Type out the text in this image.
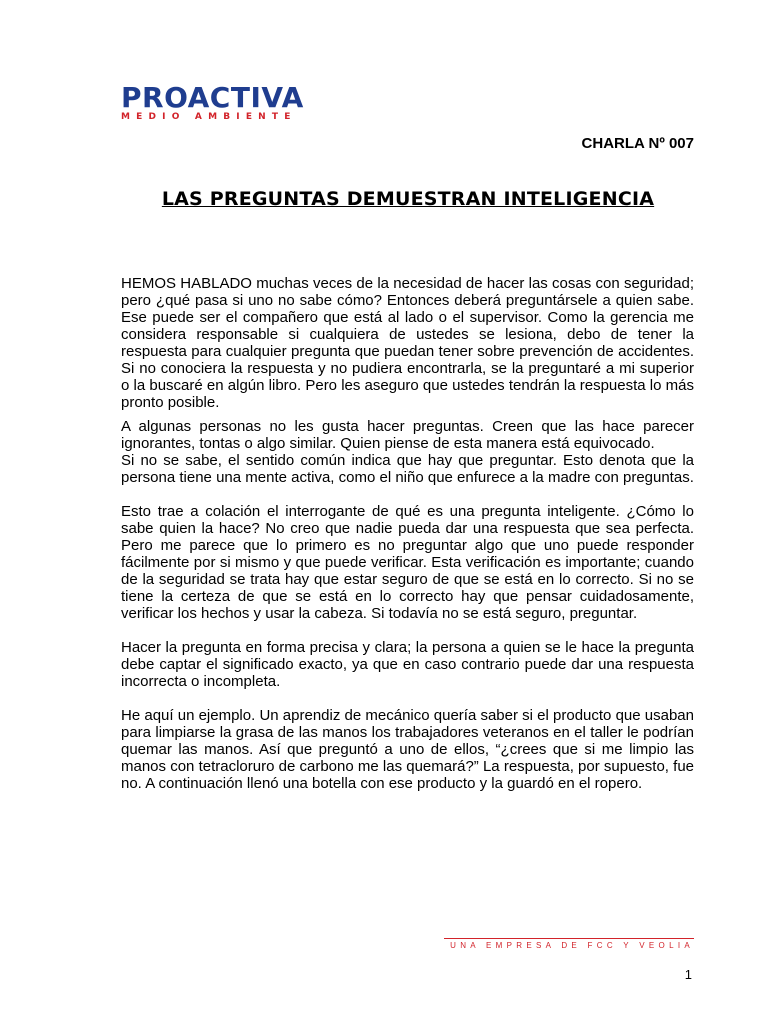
PROACTIVA
MEDIO AMBIENTE
CHARLA Nº 007
LAS PREGUNTAS DEMUESTRAN INTELIGENCIA

HEMOS HABLADO muchas veces de la necesidad de hacer las cosas con seguridad; pero ¿qué pasa si uno no sabe cómo? Entonces deberá preguntársele a quien sabe. Ese puede ser el compañero que está al lado o el supervisor. Como la gerencia me considera responsable si cualquiera de ustedes se lesiona, debo de tener la respuesta para cualquier pregunta que puedan tener sobre prevención de accidentes. Si no conociera la respuesta y no pudiera encontrarla, se la preguntaré a mi superior o la buscaré en algún libro. Pero les aseguro que ustedes tendrán la respuesta lo más pronto posible.

A algunas personas no les gusta hacer preguntas. Creen que las hace parecer ignorantes, tontas o algo similar. Quien piense de esta manera está equivocado.

Si no se sabe, el sentido común indica que hay que preguntar. Esto denota que la persona tiene una mente activa, como el niño que enfurece a la madre con preguntas.

Esto trae a colación el interrogante de qué es una pregunta inteligente. ¿Cómo lo sabe quien la hace? No creo que nadie pueda dar una respuesta que sea perfecta. Pero me parece que lo primero es no preguntar algo que uno puede responder fácilmente por si mismo y que puede verificar. Esta verificación es importante; cuando de la seguridad se trata hay que estar seguro de que se está en lo correcto. Si no se tiene la certeza de que se está en lo correcto hay que pensar cuidadosamente, verificar los hechos y usar la cabeza. Si todavía no se está seguro, preguntar.

Hacer la pregunta en forma precisa y clara; la persona a quien se le hace la pregunta debe captar el significado exacto, ya que en caso contrario puede dar una respuesta incorrecta o incompleta.

He aquí un ejemplo. Un aprendiz de mecánico quería saber si el producto que usaban para limpiarse la grasa de las manos los trabajadores veteranos en el taller le podrían quemar las manos. Así que preguntó a uno de ellos, “¿crees que si me limpio las manos con tetracloruro de carbono me las quemará?” La respuesta, por supuesto, fue no. A continuación llenó una botella con ese producto y la guardó en el ropero.

UNA EMPRESA DE FCC Y VEOLIA
1
